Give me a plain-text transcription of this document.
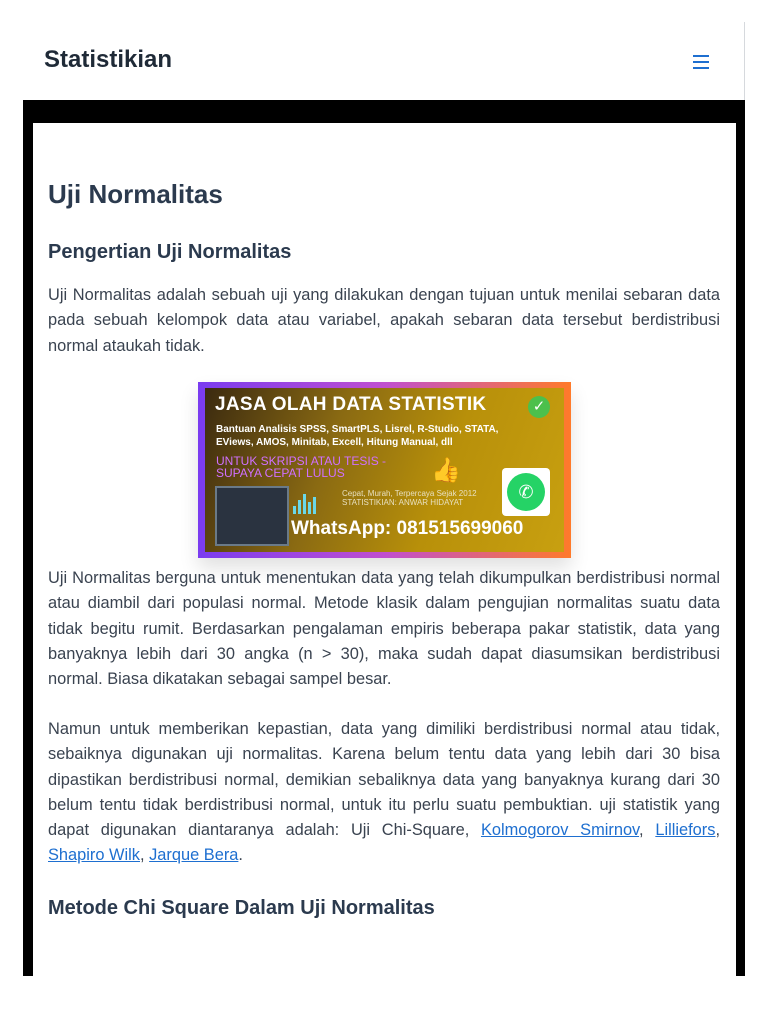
Statistikian
Uji Normalitas
Pengertian Uji Normalitas

Uji Normalitas adalah sebuah uji yang dilakukan dengan tujuan untuk menilai sebaran data pada sebuah kelompok data atau variabel, apakah sebaran data tersebut berdistribusi normal ataukah tidak.

JASA OLAH DATA STATISTIK	✓
Bantuan Analisis SPSS, SmartPLS, Lisrel, R-Studio, STATA,
EViews, AMOS, Minitab, Excell, Hitung Manual, dll
UNTUK SKRIPSI ATAU TESIS -
SUPAYA CEPAT LULUS	👍
✆
Cepat, Murah, Terpercaya Sejak 2012
STATISTIKIAN: ANWAR HIDAYAT
WhatsApp: 081515699060

Uji Normalitas berguna untuk menentukan data yang telah dikumpulkan berdistribusi normal atau diambil dari populasi normal. Metode klasik dalam pengujian normalitas suatu data tidak begitu rumit. Berdasarkan pengalaman empiris beberapa pakar statistik, data yang banyaknya lebih dari 30 angka (n > 30), maka sudah dapat diasumsikan berdistribusi normal. Biasa dikatakan sebagai sampel besar.

Namun untuk memberikan kepastian, data yang dimiliki berdistribusi normal atau tidak, sebaiknya digunakan uji normalitas. Karena belum tentu data yang lebih dari 30 bisa dipastikan berdistribusi normal, demikian sebaliknya data yang banyaknya kurang dari 30 belum tentu tidak berdistribusi normal, untuk itu perlu suatu pembuktian. uji statistik yang dapat digunakan diantaranya adalah: Uji Chi-Square, Kolmogorov Smirnov, Lilliefors, Shapiro Wilk, Jarque Bera.

Metode Chi Square Dalam Uji Normalitas
